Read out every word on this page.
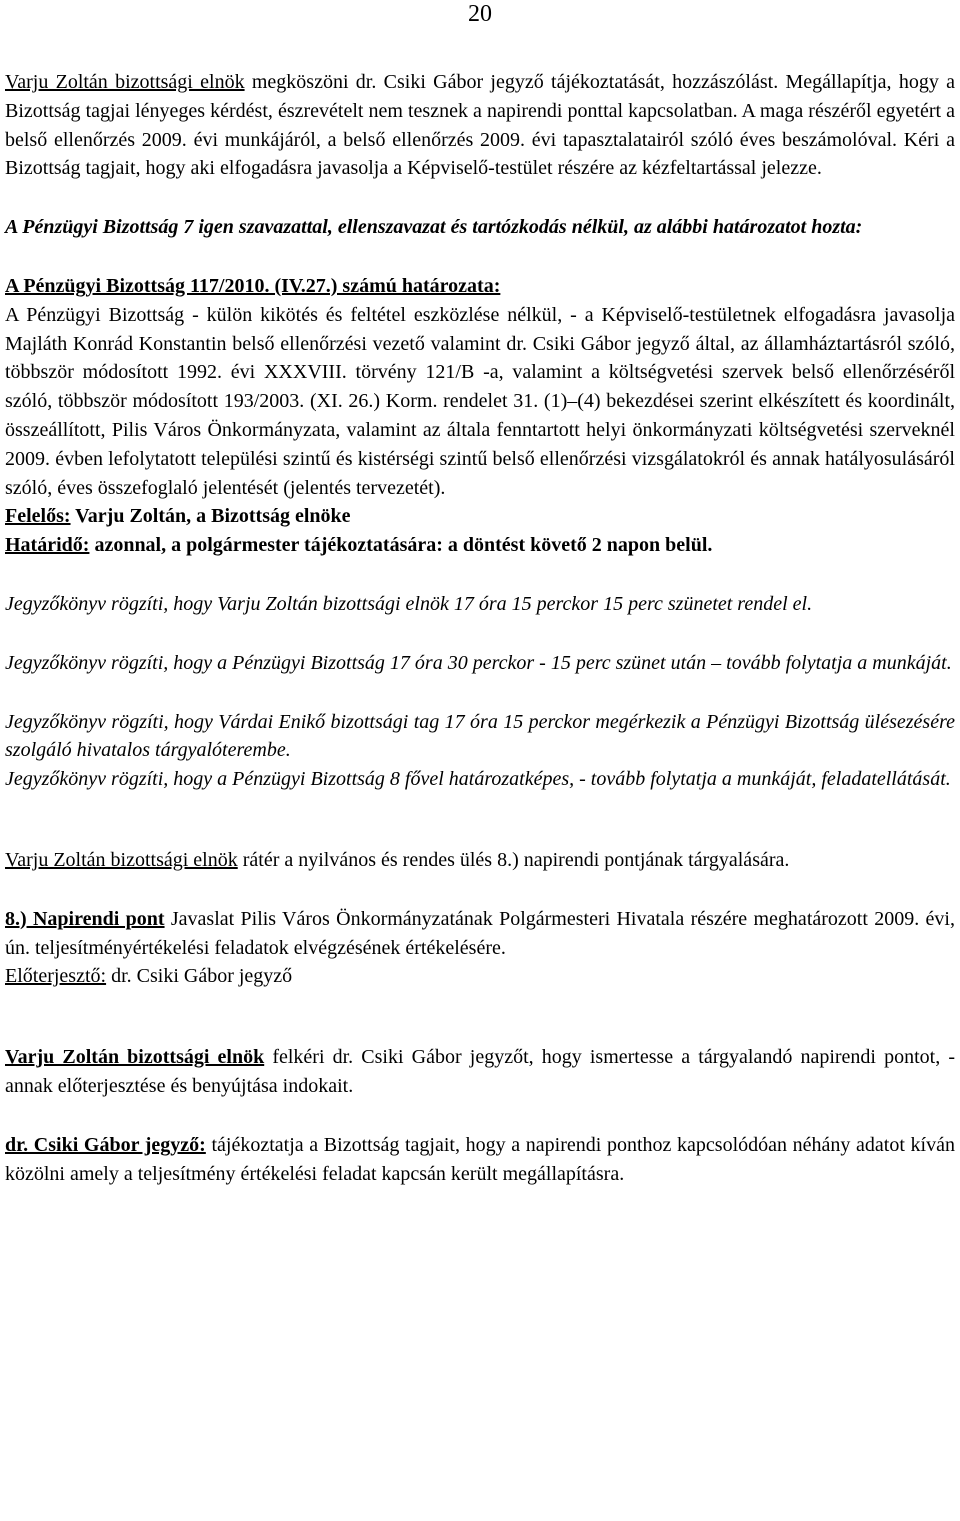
20

Varju Zoltán bizottsági elnök megköszöni dr. Csiki Gábor jegyző tájékoztatását, hozzászólást. Megállapítja, hogy a Bizottság tagjai lényeges kérdést, észrevételt nem tesznek a napirendi ponttal kapcsolatban. A maga részéről egyetért a belső ellenőrzés 2009. évi munkájáról, a belső ellenőrzés 2009. évi tapasztalatairól szóló éves beszámolóval. Kéri a Bizottság tagjait, hogy aki elfogadásra javasolja a Képviselő-testület részére az kézfeltartással jelezze.

A Pénzügyi Bizottság 7 igen szavazattal, ellenszavazat és tartózkodás nélkül, az alábbi határozatot hozta:

A Pénzügyi Bizottság 117/2010. (IV.27.) számú határozata:

A Pénzügyi Bizottság - külön kikötés és feltétel eszközlése nélkül, - a Képviselő-testületnek elfogadásra javasolja Majláth Konrád Konstantin belső ellenőrzési vezető valamint dr. Csiki Gábor jegyző által, az államháztartásról szóló, többször módosított 1992. évi XXXVIII. törvény 121/B -a, valamint a költségvetési szervek belső ellenőrzéséről szóló, többször módosított 193/2003. (XI. 26.) Korm. rendelet 31. (1)–(4) bekezdései szerint elkészített és koordinált, összeállított, Pilis Város Önkormányzata, valamint az általa fenntartott helyi önkormányzati költségvetési szerveknél 2009. évben lefolytatott települési szintű és kistérségi szintű belső ellenőrzési vizsgálatokról és annak hatályosulásáról szóló, éves összefoglaló jelentését (jelentés tervezetét).

Felelős: Varju Zoltán, a Bizottság elnöke

Határidő: azonnal, a polgármester tájékoztatására: a döntést követő 2 napon belül.

Jegyzőkönyv rögzíti, hogy Varju Zoltán bizottsági elnök 17 óra 15 perckor 15 perc szünetet rendel el.

Jegyzőkönyv rögzíti, hogy a Pénzügyi Bizottság 17 óra 30 perckor - 15 perc szünet után – tovább folytatja a munkáját.

Jegyzőkönyv rögzíti, hogy Várdai Enikő bizottsági tag 17 óra 15 perckor megérkezik a Pénzügyi Bizottság ülésezésére szolgáló hivatalos tárgyalóterembe.

Jegyzőkönyv rögzíti, hogy a Pénzügyi Bizottság 8 fővel határozatképes, - tovább folytatja a munkáját, feladatellátását.

Varju Zoltán bizottsági elnök rátér a nyilvános és rendes ülés 8.) napirendi pontjának tárgyalására.

8.) Napirendi pont Javaslat Pilis Város Önkormányzatának Polgármesteri Hivatala részére meghatározott 2009. évi, ún. teljesítményértékelési feladatok elvégzésének értékelésére.

Előterjesztő: dr. Csiki Gábor jegyző

Varju Zoltán bizottsági elnök felkéri dr. Csiki Gábor jegyzőt, hogy ismertesse a tárgyalandó napirendi pontot, - annak előterjesztése és benyújtása indokait.

dr. Csiki Gábor jegyző: tájékoztatja a Bizottság tagjait, hogy a napirendi ponthoz kapcsolódóan néhány adatot kíván közölni amely a teljesítmény értékelési feladat kapcsán került megállapításra.
